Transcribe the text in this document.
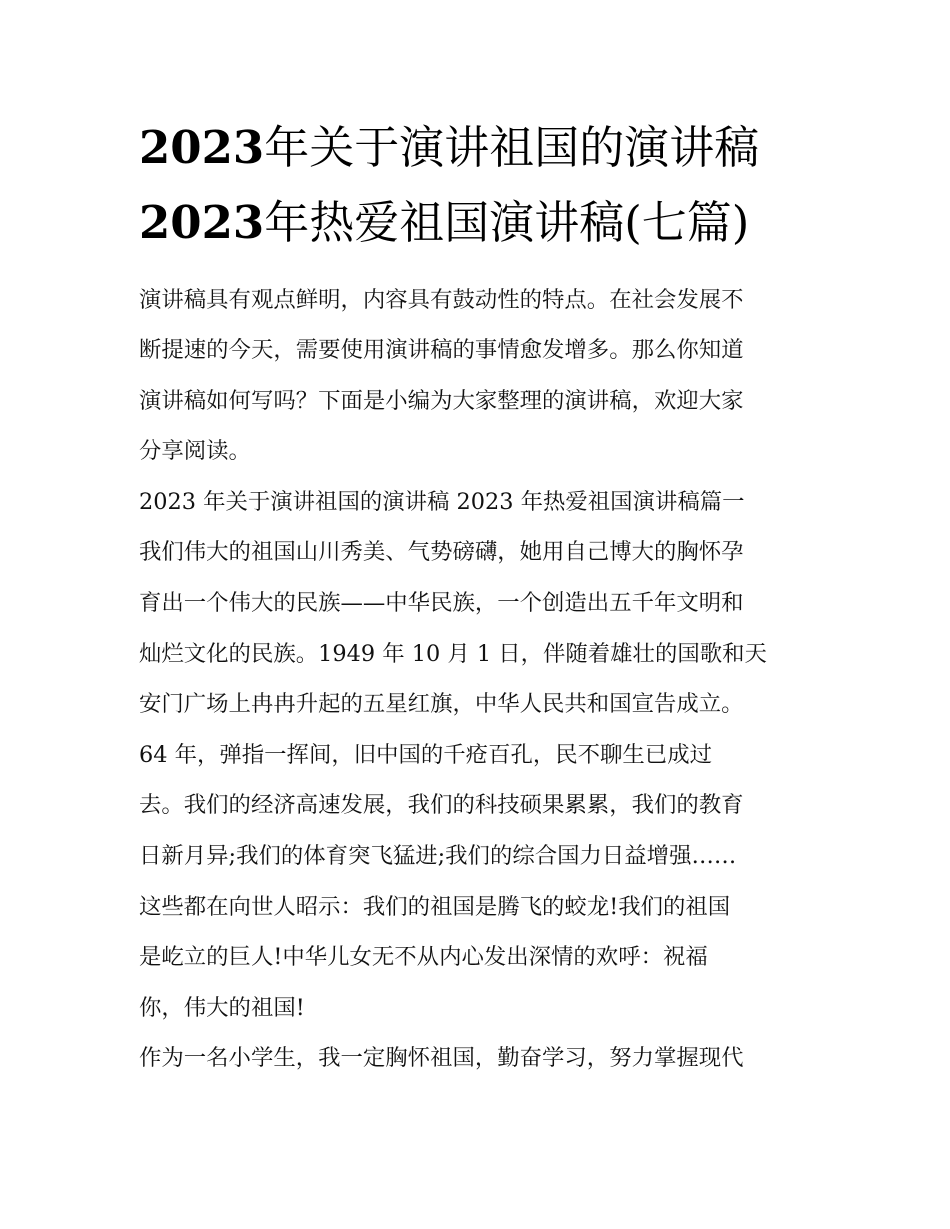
2023年关于演讲祖国的演讲稿
2023年热爱祖国演讲稿(七篇)

演讲稿具有观点鲜明，内容具有鼓动性的特点。在社会发展不

断提速的今天，需要使用演讲稿的事情愈发增多。那么你知道

演讲稿如何写吗？下面是小编为大家整理的演讲稿，欢迎大家

分享阅读。

2023 年关于演讲祖国的演讲稿 2023 年热爱祖国演讲稿篇一

我们伟大的祖国山川秀美、气势磅礴，她用自己博大的胸怀孕

育出一个伟大的民族——中华民族，一个创造出五千年文明和

灿烂文化的民族。1949 年 10 月 1 日，伴随着雄壮的国歌和天

安门广场上冉冉升起的五星红旗，中华人民共和国宣告成立。

64 年，弹指一挥间，旧中国的千疮百孔，民不聊生已成过

去。我们的经济高速发展，我们的科技硕果累累，我们的教育

日新月异;我们的体育突飞猛进;我们的综合国力日益增强……

这些都在向世人昭示：我们的祖国是腾飞的蛟龙!我们的祖国

是屹立的巨人!中华儿女无不从内心发出深情的欢呼：祝福

你，伟大的祖国!

作为一名小学生，我一定胸怀祖国，勤奋学习，努力掌握现代
